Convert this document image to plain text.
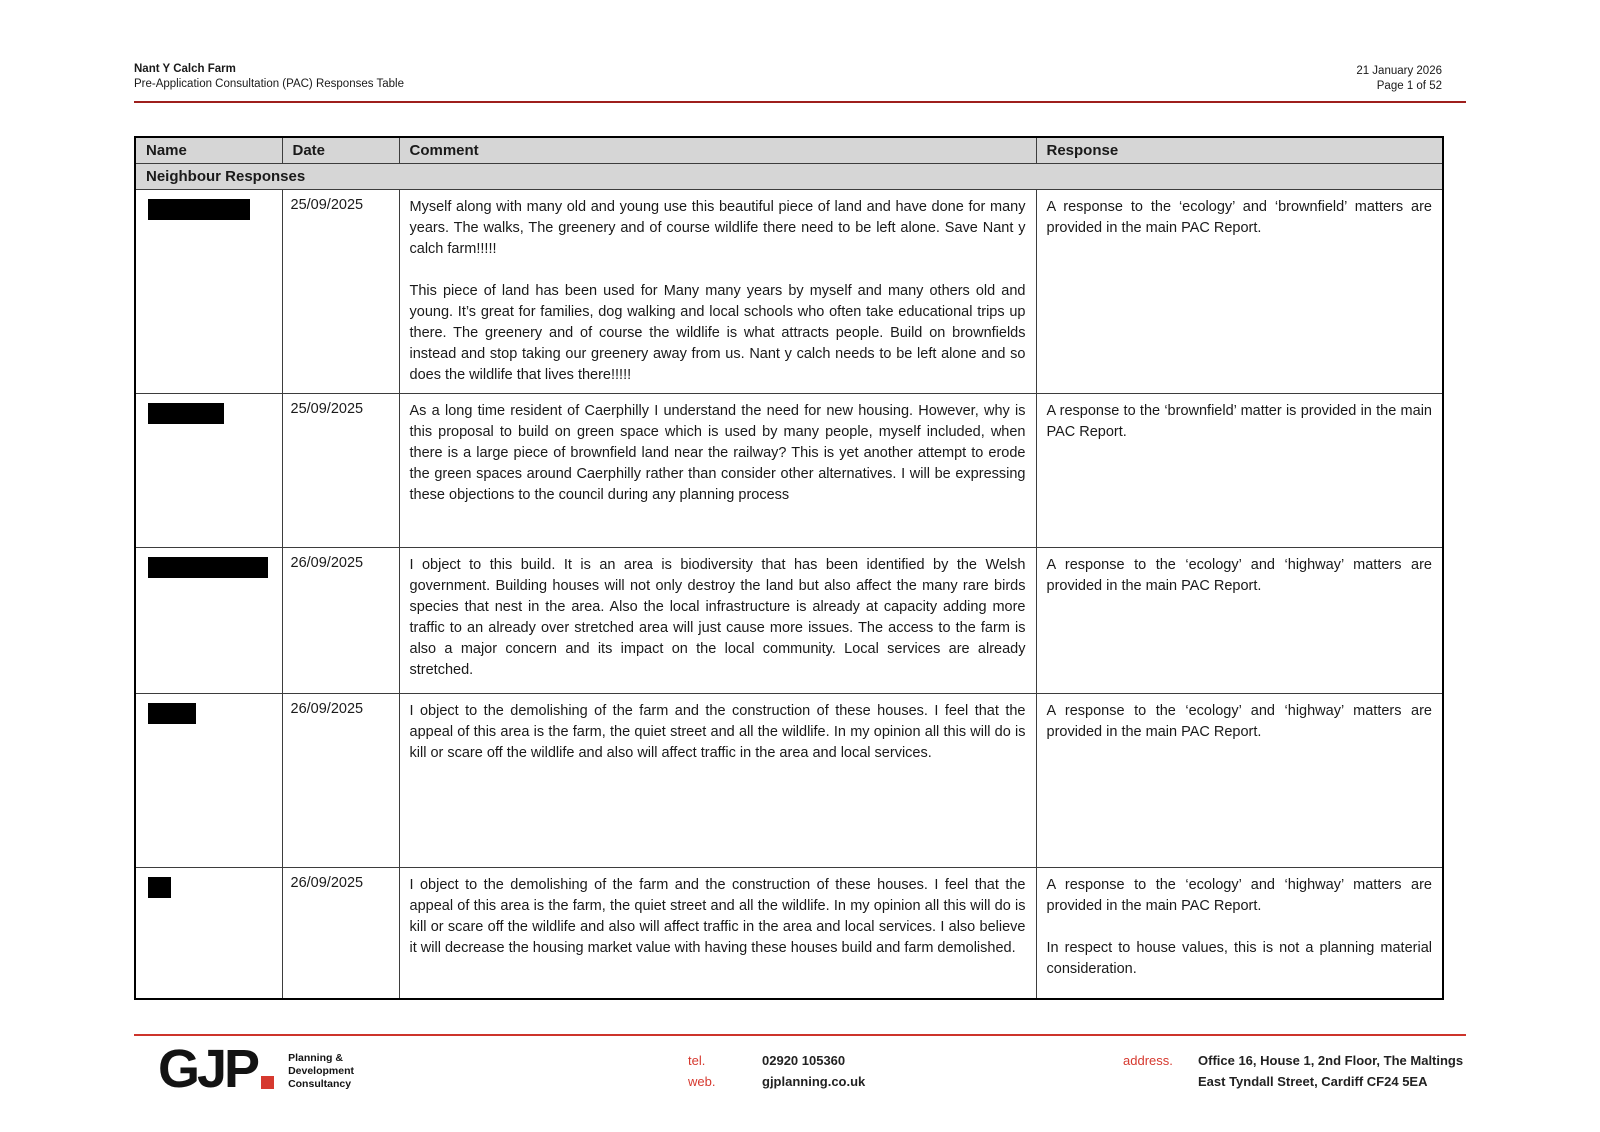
Nant Y Calch Farm
Pre-Application Consultation (PAC) Responses Table
21 January 2026
Page 1 of 52
Name	Date	Comment	Response
Neighbour Responses			

	25/09/2025	Myself along with many old and young use this beautiful piece of land and have done for many years. The walks, The greenery and of course wildlife there need to be left alone. Save Nant y calch farm!!!!!

This piece of land has been used for Many many years by myself and many others old and young. It’s great for families, dog walking and local schools who often take educational trips up there. The greenery and of course the wildlife is what attracts people. Build on brownfields instead and stop taking our greenery away from us. Nant y calch needs to be left alone and so does the wildlife that lives there!!!!!	A response to the ‘ecology’ and ‘brownfield’ matters are provided in the main PAC Report.

	25/09/2025	As a long time resident of Caerphilly I understand the need for new housing. However, why is this proposal to build on green space which is used by many people, myself included, when there is a large piece of brownfield land near the railway? This is yet another attempt to erode the green spaces around Caerphilly rather than consider other alternatives. I will be expressing these objections to the council during any planning process	A response to the ‘brownfield’ matter is provided in the main PAC Report.

	26/09/2025	I object to this build. It is an area is biodiversity that has been identified by the Welsh government. Building houses will not only destroy the land but also affect the many rare birds species that nest in the area. Also the local infrastructure is already at capacity adding more traffic to an already over stretched area will just cause more issues. The access to the farm is also a major concern and its impact on the local community. Local services are already stretched.	A response to the ‘ecology’ and ‘highway’ matters are provided in the main PAC Report.

	26/09/2025	I object to the demolishing of the farm and the construction of these houses. I feel that the appeal of this area is the farm, the quiet street and all the wildlife. In my opinion all this will do is kill or scare off the wildlife and also will affect traffic in the area and local services.	A response to the ‘ecology’ and ‘highway’ matters are provided in the main PAC Report.

	26/09/2025	I object to the demolishing of the farm and the construction of these houses. I feel that the appeal of this area is the farm, the quiet street and all the wildlife. In my opinion all this will do is kill or scare off the wildlife and also will affect traffic in the area and local services. I also believe it will decrease the housing market value with having these houses build and farm demolished.	A response to the ‘ecology’ and ‘highway’ matters are provided in the main PAC Report.

In respect to house values, this is not a planning material consideration.

GJP	Planning &
Development
Consultancy
tel.	02920 105360
web.	gjplanning.co.uk
address.	Office 16, House 1, 2nd Floor, The Maltings
East Tyndall Street, Cardiff CF24 5EA
